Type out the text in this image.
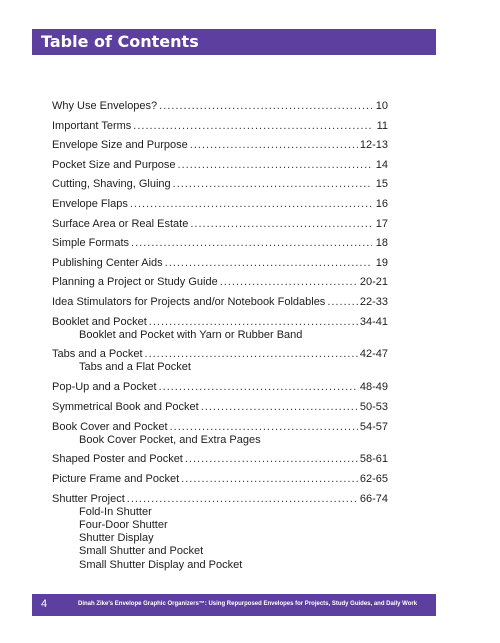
Table of Contents
Why Use Envelopes? .....	10
Important Terms .....	11
Envelope Size and Purpose .....	12-13
Pocket Size and Purpose .....	14
Cutting, Shaving, Gluing .....	15
Envelope Flaps .....	16
Surface Area or Real Estate .....	17
Simple Formats .....	18
Publishing Center Aids .....	19
Planning a Project or Study Guide .....	20-21
Idea Stimulators for Projects and/or Notebook Foldables .....	22-33
Booklet and Pocket .....	34-41
Booklet and Pocket with Yarn or Rubber Band
Tabs and a Pocket .....	42-47
Tabs and a Flat Pocket
Pop-Up and a Pocket .....	48-49
Symmetrical Book and Pocket .....	50-53
Book Cover and Pocket .....	54-57
Book Cover Pocket, and Extra Pages
Shaped Poster and Pocket .....	58-61
Picture Frame and Pocket .....	62-65
Shutter Project .....	66-74
Fold-In Shutter
Four-Door Shutter
Shutter Display
Small Shutter and Pocket
Small Shutter Display and Pocket
4	Dinah Zike's Envelope Graphic Organizers™: Using Repurposed Envelopes for Projects, Study Guides, and Daily Work
